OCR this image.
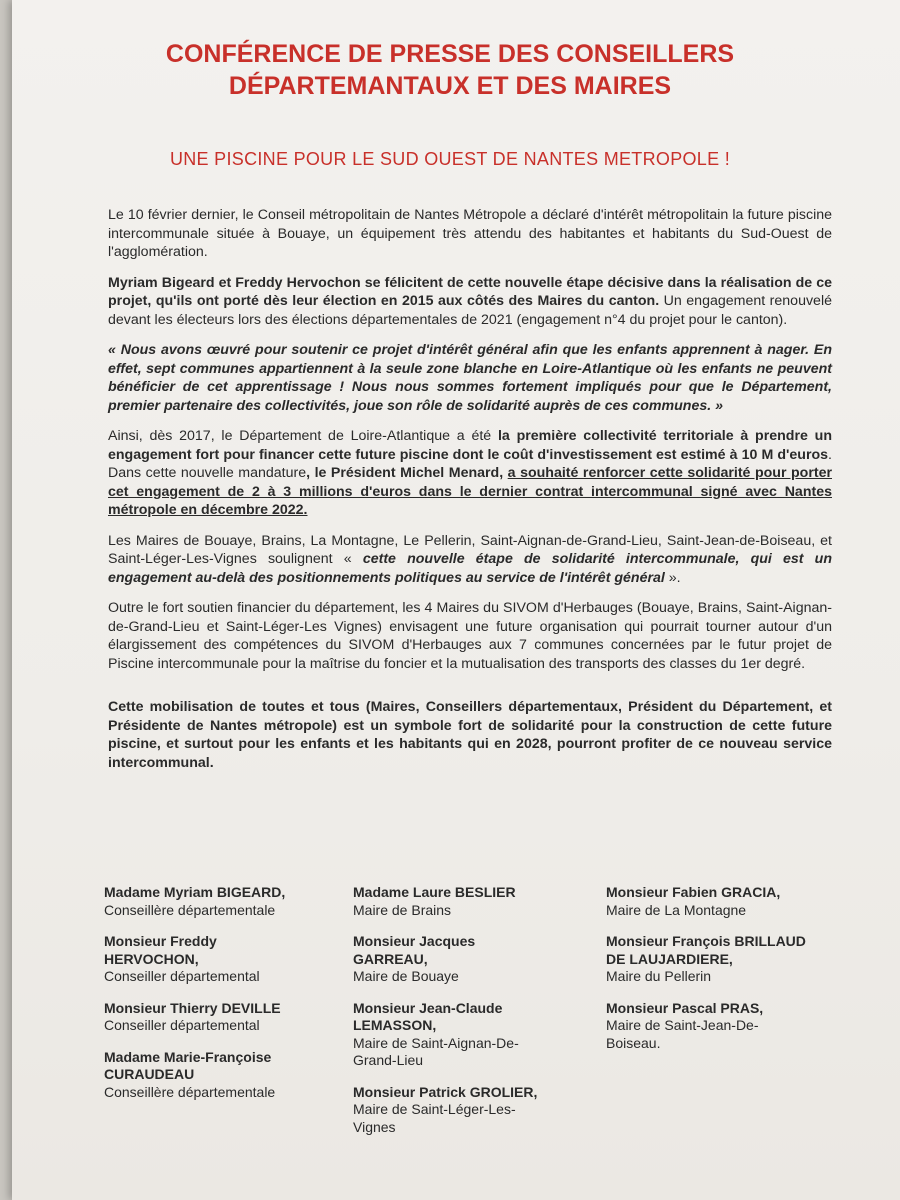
CONFÉRENCE DE PRESSE DES CONSEILLERS
DÉPARTEMANTAUX ET DES MAIRES
UNE PISCINE POUR LE SUD OUEST DE NANTES METROPOLE !

Le 10 février dernier, le Conseil métropolitain de Nantes Métropole a déclaré d'intérêt métropolitain la future piscine intercommunale située à Bouaye, un équipement très attendu des habitantes et habitants du Sud-Ouest de l'agglomération.

Myriam Bigeard et Freddy Hervochon se félicitent de cette nouvelle étape décisive dans la réalisation de ce projet, qu'ils ont porté dès leur élection en 2015 aux côtés des Maires du canton. Un engagement renouvelé devant les électeurs lors des élections départementales de 2021 (engagement n°4 du projet pour le canton).

« Nous avons œuvré pour soutenir ce projet d'intérêt général afin que les enfants apprennent à nager. En effet, sept communes appartiennent à la seule zone blanche en Loire-Atlantique où les enfants ne peuvent bénéficier de cet apprentissage ! Nous nous sommes fortement impliqués pour que le Département, premier partenaire des collectivités, joue son rôle de solidarité auprès de ces communes. »

Ainsi, dès 2017, le Département de Loire-Atlantique a été la première collectivité territoriale à prendre un engagement fort pour financer cette future piscine dont le coût d'investissement est estimé à 10 M d'euros. Dans cette nouvelle mandature, le Président Michel Menard, a souhaité renforcer cette solidarité pour porter cet engagement de 2 à 3 millions d'euros dans le dernier contrat intercommunal signé avec Nantes métropole en décembre 2022.

Les Maires de Bouaye, Brains, La Montagne, Le Pellerin, Saint-Aignan-de-Grand-Lieu, Saint-Jean-de-Boiseau, et Saint-Léger-Les-Vignes soulignent « cette nouvelle étape de solidarité intercommunale, qui est un engagement au-delà des positionnements politiques au service de l'intérêt général ».

Outre le fort soutien financier du département, les 4 Maires du SIVOM d'Herbauges (Bouaye, Brains, Saint-Aignan-de-Grand-Lieu et Saint-Léger-Les Vignes) envisagent une future organisation qui pourrait tourner autour d'un élargissement des compétences du SIVOM d'Herbauges aux 7 communes concernées par le futur projet de Piscine intercommunale pour la maîtrise du foncier et la mutualisation des transports des classes du 1er degré.

Cette mobilisation de toutes et tous (Maires, Conseillers départementaux, Président du Département, et Présidente de Nantes métropole) est un symbole fort de solidarité pour la construction de cette future piscine, et surtout pour les enfants et les habitants qui en 2028, pourront profiter de ce nouveau service intercommunal.

Madame Myriam BIGEARD,
Conseillère départementale
Monsieur Freddy HERVOCHON,
Conseiller départemental
Monsieur Thierry DEVILLE
Conseiller départemental
Madame Marie-Françoise CURAUDEAU
Conseillère départementale
Madame Laure BESLIER
Maire de Brains
Monsieur Jacques GARREAU,
Maire de Bouaye
Monsieur Jean-Claude LEMASSON,
Maire de Saint-Aignan-De-Grand-Lieu
Monsieur Patrick GROLIER,
Maire de Saint-Léger-Les-Vignes
Monsieur Fabien GRACIA,
Maire de La Montagne
Monsieur François BRILLAUD DE LAUJARDIERE,
Maire du Pellerin
Monsieur Pascal PRAS,
Maire de Saint-Jean-De-Boiseau.
